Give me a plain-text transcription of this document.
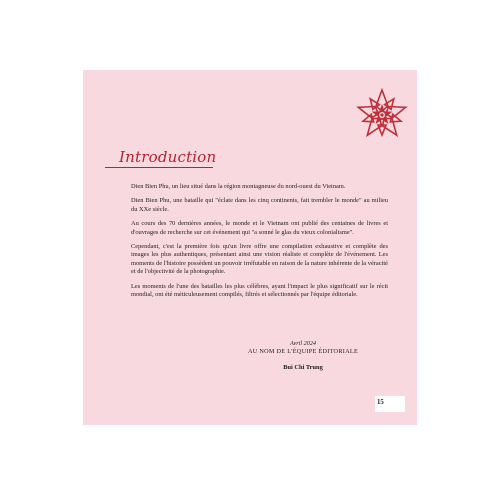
Introduction

Dien Bien Phu, un lieu situé dans la région montagneuse du nord-ouest du Vietnam.

Dien Bien Phu, une bataille qui "éclate dans les cinq continents, fait trembler le monde" au milieu du XXe siècle.

Au cours des 70 dernières années, le monde et le Vietnam ont publié des centaines de livres et d'ouvrages de recherche sur cet événement qui "a sonné le glas du vieux colonialisme".

Cependant, c'est la première fois qu'un livre offre une compilation exhaustive et complète des images les plus authentiques, présentant ainsi une vision réaliste et complète de l'événement. Les moments de l'histoire possèdent un pouvoir irréfutable en raison de la nature inhérente de la véracité et de l'objectivité de la photographie.

Les moments de l'une des batailles les plus célèbres, ayant l'impact le plus significatif sur le récit mondial, ont été méticuleusement compilés, filtrés et sélectionnés par l'équipe éditoriale.

Avril 2024
AU NOM DE L'ÉQUIPE ÉDITORIALE
Bui Chi Trung
15
